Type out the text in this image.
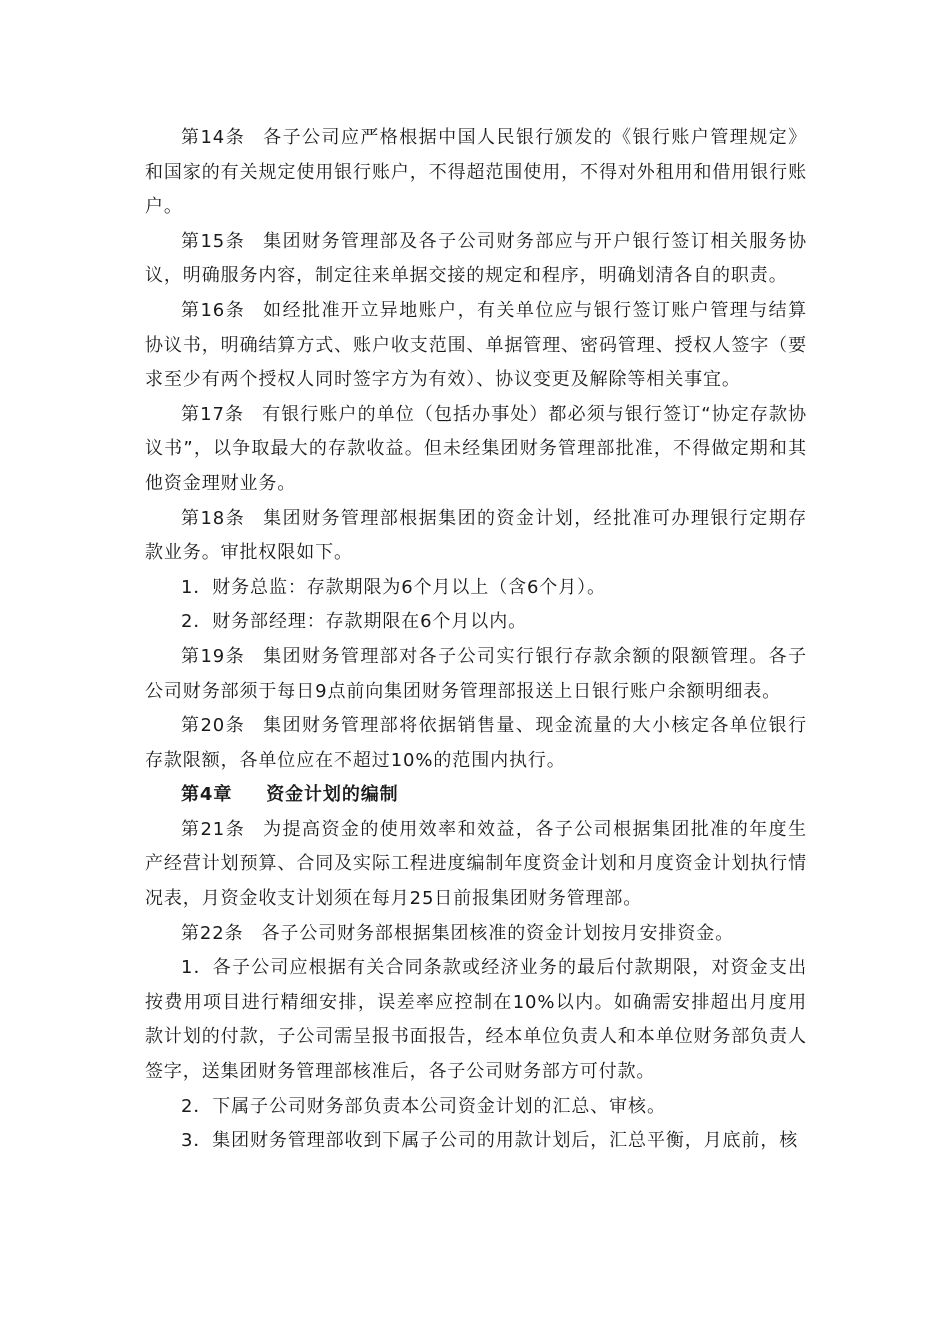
第14条 各子公司应严格根据中国人民银行颁发的《银行账户管理规定》和国家的有关规定使用银行账户，不得超范围使用，不得对外租用和借用银行账户。

第15条 集团财务管理部及各子公司财务部应与开户银行签订相关服务协议，明确服务内容，制定往来单据交接的规定和程序，明确划清各自的职责。

第16条 如经批准开立异地账户，有关单位应与银行签订账户管理与结算协议书，明确结算方式、账户收支范围、单据管理、密码管理、授权人签字（要求至少有两个授权人同时签字方为有效）、协议变更及解除等相关事宜。

第17条 有银行账户的单位（包括办事处）都必须与银行签订“协定存款协议书”，以争取最大的存款收益。但未经集团财务管理部批准，不得做定期和其他资金理财业务。

第18条 集团财务管理部根据集团的资金计划，经批准可办理银行定期存款业务。审批权限如下。

1．财务总监：存款期限为6个月以上（含6个月）。

2．财务部经理：存款期限在6个月以内。

第19条 集团财务管理部对各子公司实行银行存款余额的限额管理。各子公司财务部须于每日9点前向集团财务管理部报送上日银行账户余额明细表。

第20条 集团财务管理部将依据销售量、现金流量的大小核定各单位银行存款限额，各单位应在不超过10%的范围内执行。

第4章 资金计划的编制

第21条 为提高资金的使用效率和效益，各子公司根据集团批准的年度生产经营计划预算、合同及实际工程进度编制年度资金计划和月度资金计划执行情况表，月资金收支计划须在每月25日前报集团财务管理部。

第22条 各子公司财务部根据集团核准的资金计划按月安排资金。

1．各子公司应根据有关合同条款或经济业务的最后付款期限，对资金支出按费用项目进行精细安排，误差率应控制在10%以内。如确需安排超出月度用款计划的付款，子公司需呈报书面报告，经本单位负责人和本单位财务部负责人签字，送集团财务管理部核准后，各子公司财务部方可付款。

2．下属子公司财务部负责本公司资金计划的汇总、审核。

3．集团财务管理部收到下属子公司的用款计划后，汇总平衡，月底前，核
